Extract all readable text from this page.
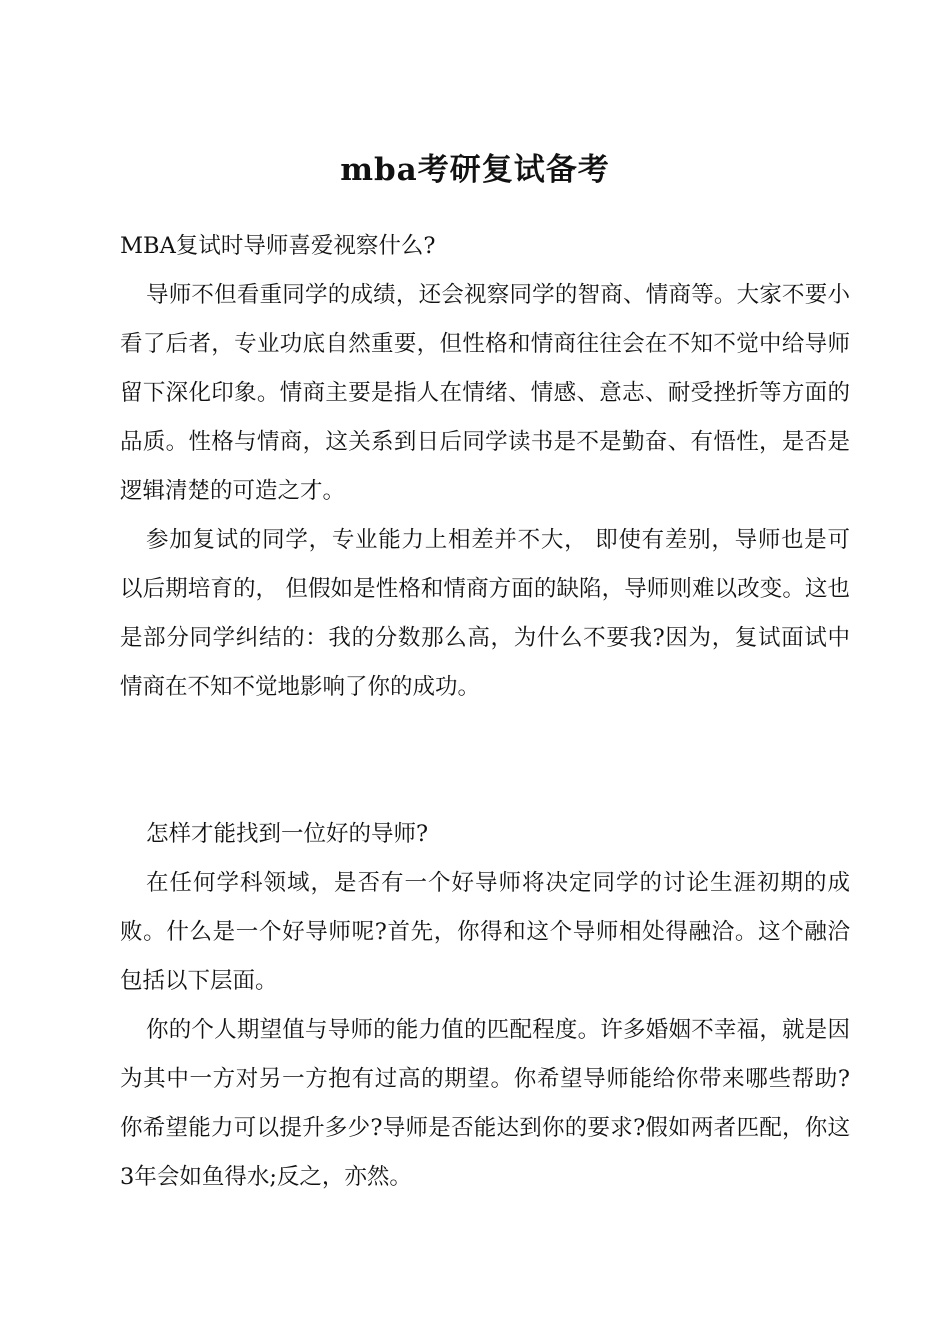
mba考研复试备考

MBA复试时导师喜爱视察什么?

导师不但看重同学的成绩，还会视察同学的智商、情商等。大家不要小看了后者，专业功底自然重要，但性格和情商往往会在不知不觉中给导师留下深化印象。情商主要是指人在情绪、情感、意志、耐受挫折等方面的品质。性格与情商，这关系到日后同学读书是不是勤奋、有悟性，是否是逻辑清楚的可造之才。

参加复试的同学，专业能力上相差并不大， 即使有差别，导师也是可以后期培育的， 但假如是性格和情商方面的缺陷，导师则难以改变。这也是部分同学纠结的：我的分数那么高，为什么不要我?因为，复试面试中情商在不知不觉地影响了你的成功。

怎样才能找到一位好的导师?

在任何学科领域，是否有一个好导师将决定同学的讨论生涯初期的成败。什么是一个好导师呢?首先，你得和这个导师相处得融洽。这个融洽包括以下层面。

你的个人期望值与导师的能力值的匹配程度。许多婚姻不幸福，就是因为其中一方对另一方抱有过高的期望。你希望导师能给你带来哪些帮助?你希望能力可以提升多少?导师是否能达到你的要求?假如两者匹配，你这3年会如鱼得水;反之，亦然。
